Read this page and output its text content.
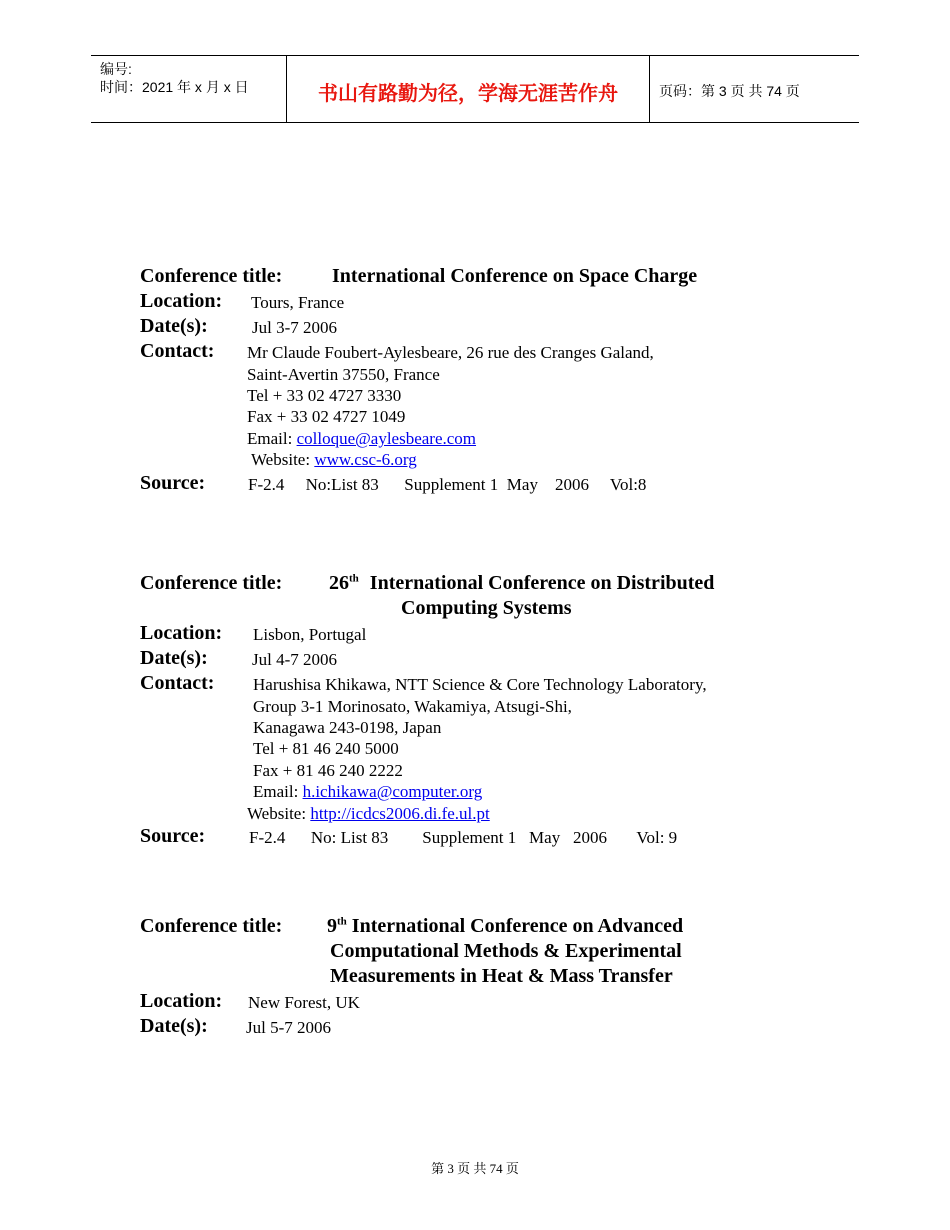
编号:
时间：2021 年 x 月 x 日	书山有路勤为径，学海无涯苦作舟	页码：第 3 页 共 74 页
Conference title: International Conference on Space Charge
Location: Tours, France
Date(s):	Jul 3-7 2006
Contact: Mr Claude Foubert-Aylesbeare, 26 rue des Cranges Galand,
Saint-Avertin 37550, France
Tel + 33 02 4727 3330
Fax + 33 02 4727 1049
Email: colloque@aylesbeare.com
Website: www.csc-6.org
Source:	F-2.4     No:List 83      Supplement 1  May    2006     Vol:8
Conference title: 26th International Conference on Distributed
Computing Systems
Location: Lisbon, Portugal
Date(s):	Jul 4-7 2006
Contact: Harushisa Khikawa, NTT Science & Core Technology Laboratory,
Group 3-1 Morinosato, Wakamiya, Atsugi-Shi,
Kanagawa 243-0198, Japan
Tel + 81 46 240 5000
Fax + 81 46 240 2222
Email: h.ichikawa@computer.org
Website: http://icdcs2006.di.fe.ul.pt
Source:	F-2.4      No: List 83        Supplement 1   May   2006       Vol: 9
Conference title: 9th International Conference on Advanced
Computational Methods & Experimental
Measurements in Heat & Mass Transfer
Location: New Forest, UK
Date(s): Jul 5-7 2006
第 3 页 共 74 页
